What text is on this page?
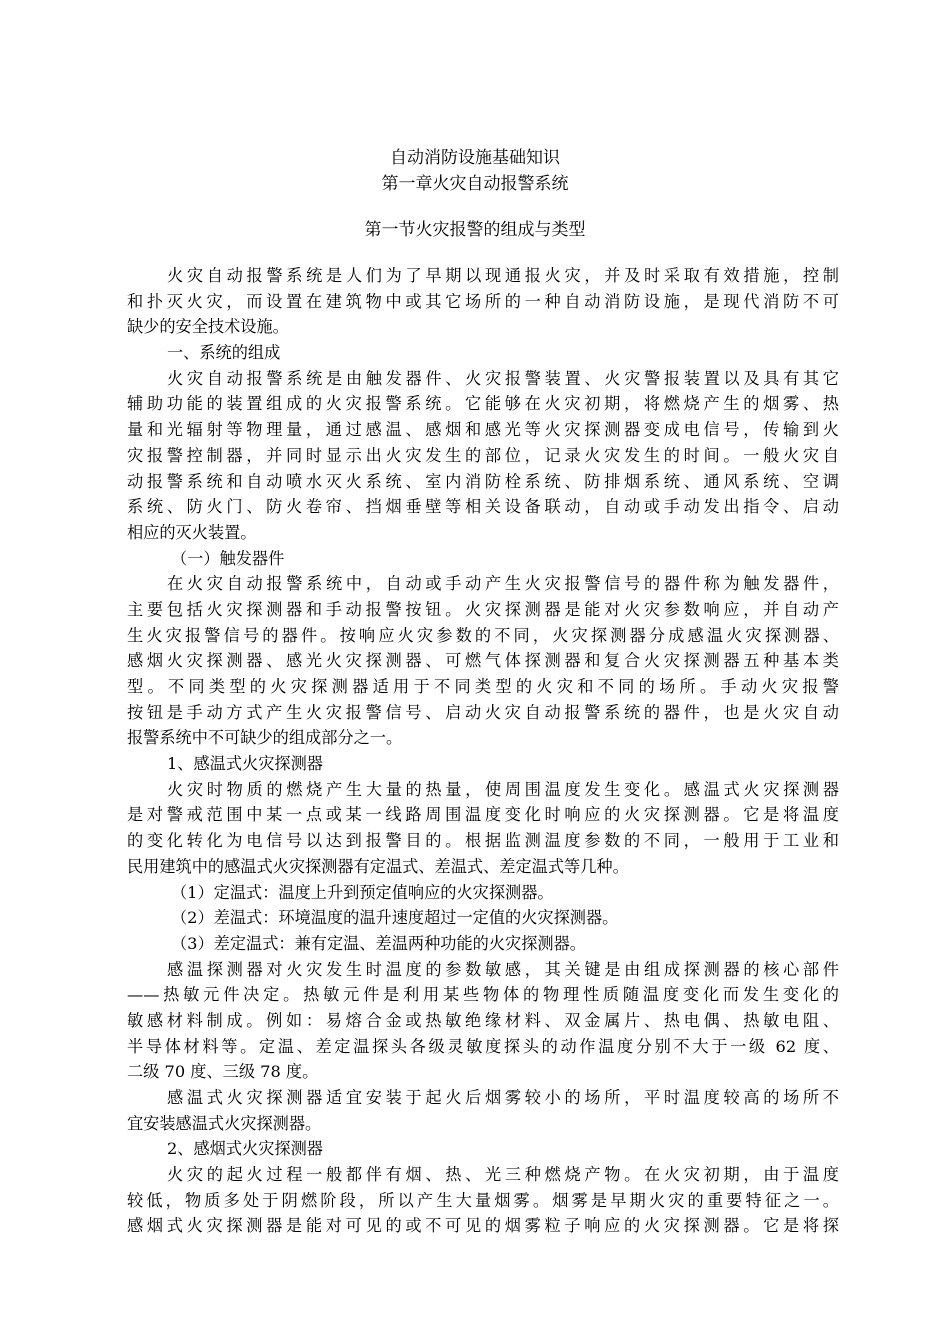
自动消防设施基础知识
第一章火灾自动报警系统
第一节火灾报警的组成与类型
火灾自动报警系统是人们为了早期以现通报火灾，并及时采取有效措施，控制
和扑灭火灾，而设置在建筑物中或其它场所的一种自动消防设施，是现代消防不可
缺少的安全技术设施。
一、系统的组成
火灾自动报警系统是由触发器件、火灾报警装置、火灾警报装置以及具有其它
辅助功能的装置组成的火灾报警系统。它能够在火灾初期，将燃烧产生的烟雾、热
量和光辐射等物理量，通过感温、感烟和感光等火灾探测器变成电信号，传输到火
灾报警控制器，并同时显示出火灾发生的部位，记录火灾发生的时间。一般火灾自
动报警系统和自动喷水灭火系统、室内消防栓系统、防排烟系统、通风系统、空调
系统、防火门、防火卷帘、挡烟垂壁等相关设备联动，自动或手动发出指令、启动
相应的灭火装置。
（一）触发器件
在火灾自动报警系统中，自动或手动产生火灾报警信号的器件称为触发器件，
主要包括火灾探测器和手动报警按钮。火灾探测器是能对火灾参数响应，并自动产
生火灾报警信号的器件。按响应火灾参数的不同，火灾探测器分成感温火灾探测器、
感烟火灾探测器、感光火灾探测器、可燃气体探测器和复合火灾探测器五种基本类
型。不同类型的火灾探测器适用于不同类型的火灾和不同的场所。手动火灾报警
按钮是手动方式产生火灾报警信号、启动火灾自动报警系统的器件，也是火灾自动
报警系统中不可缺少的组成部分之一。
1、感温式火灾探测器
火灾时物质的燃烧产生大量的热量，使周围温度发生变化。感温式火灾探测器
是对警戒范围中某一点或某一线路周围温度变化时响应的火灾探测器。它是将温度
的变化转化为电信号以达到报警目的。根据监测温度参数的不同，一般用于工业和
民用建筑中的感温式火灾探测器有定温式、差温式、差定温式等几种。
（1）定温式：温度上升到预定值响应的火灾探测器。
（2）差温式：环境温度的温升速度超过一定值的火灾探测器。
（3）差定温式：兼有定温、差温两种功能的火灾探测器。
感温探测器对火灾发生时温度的参数敏感，其关键是由组成探测器的核心部件
——热敏元件决定。热敏元件是利用某些物体的物理性质随温度变化而发生变化的
敏感材料制成。例如：易熔合金或热敏绝缘材料、双金属片、热电偶、热敏电阻、
半导体材料等。定温、差定温探头各级灵敏度探头的动作温度分别不大于一级 62 度、
二级 70 度、三级 78 度。
感温式火灾探测器适宜安装于起火后烟雾较小的场所，平时温度较高的场所不
宜安装感温式火灾探测器。
2、感烟式火灾探测器
火灾的起火过程一般都伴有烟、热、光三种燃烧产物。在火灾初期，由于温度
较低，物质多处于阴燃阶段，所以产生大量烟雾。烟雾是早期火灾的重要特征之一。
感烟式火灾探测器是能对可见的或不可见的烟雾粒子响应的火灾探测器。它是将探
